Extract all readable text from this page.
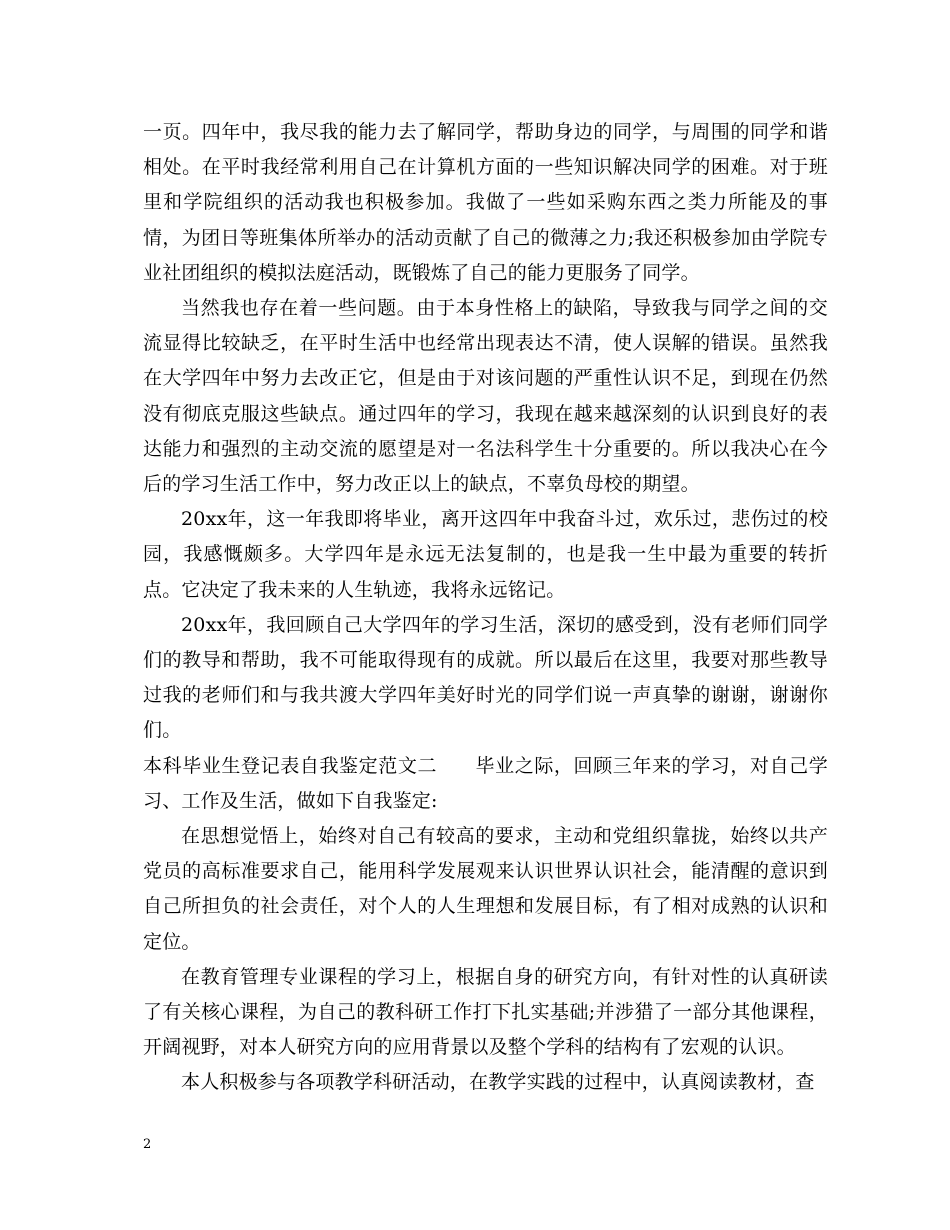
一页。四年中，我尽我的能力去了解同学，帮助身边的同学，与周围的同学和谐相处。在平时我经常利用自己在计算机方面的一些知识解决同学的困难。对于班里和学院组织的活动我也积极参加。我做了一些如采购东西之类力所能及的事情，为团日等班集体所举办的活动贡献了自己的微薄之力;我还积极参加由学院专业社团组织的模拟法庭活动，既锻炼了自己的能力更服务了同学。

当然我也存在着一些问题。由于本身性格上的缺陷，导致我与同学之间的交流显得比较缺乏，在平时生活中也经常出现表达不清，使人误解的错误。虽然我在大学四年中努力去改正它，但是由于对该问题的严重性认识不足，到现在仍然没有彻底克服这些缺点。通过四年的学习，我现在越来越深刻的认识到良好的表达能力和强烈的主动交流的愿望是对一名法科学生十分重要的。所以我决心在今后的学习生活工作中，努力改正以上的缺点，不辜负母校的期望。

20xx年，这一年我即将毕业，离开这四年中我奋斗过，欢乐过，悲伤过的校园，我感慨颇多。大学四年是永远无法复制的，也是我一生中最为重要的转折点。它决定了我未来的人生轨迹，我将永远铭记。

20xx年，我回顾自己大学四年的学习生活，深切的感受到，没有老师们同学们的教导和帮助，我不可能取得现有的成就。所以最后在这里，我要对那些教导过我的老师们和与我共渡大学四年美好时光的同学们说一声真挚的谢谢，谢谢你们。

本科毕业生登记表自我鉴定范文二 毕业之际，回顾三年来的学习，对自己学习、工作及生活，做如下自我鉴定:

在思想觉悟上，始终对自己有较高的要求，主动和党组织靠拢，始终以共产党员的高标准要求自己，能用科学发展观来认识世界认识社会，能清醒的意识到自己所担负的社会责任，对个人的人生理想和发展目标，有了相对成熟的认识和定位。

在教育管理专业课程的学习上，根据自身的研究方向，有针对性的认真研读了有关核心课程，为自己的教科研工作打下扎实基础;并涉猎了一部分其他课程，开阔视野，对本人研究方向的应用背景以及整个学科的结构有了宏观的认识。

本人积极参与各项教学科研活动，在教学实践的过程中，认真阅读教材，查

2
